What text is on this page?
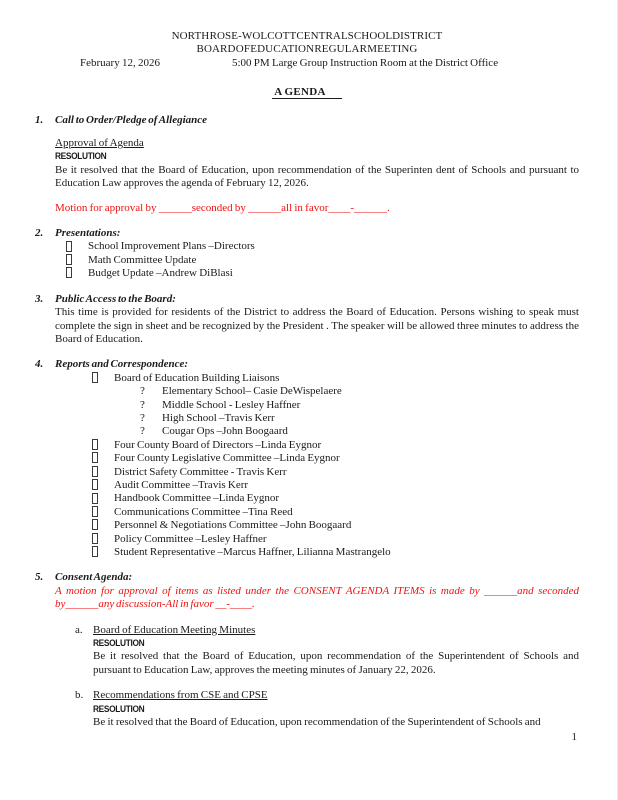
NORTH ROSE-WOLCOTT CENTRAL SCHOOL DISTRICT
BOARD OF EDUCATION REGULAR MEETING
February 12, 2026	5:00 PM Large Group Instruction Room at the District Office
A GENDA
1.	Call to Order/Pledge of Allegiance
Approval of Agenda
RESOLUTION
Be it resolved that the Board of Education, upon recommendation of the Superinten dent of Schools and pursuant to Education Law approves the agenda of February 12, 2026.
Motion for approval by ______seconded by ______all in favor____-______.
2.	Presentations:
School Improvement Plans –Directors
Math Committee Update
Budget Update –Andrew DiBlasi
3.	Public Access to the Board:
This time is provided for residents of the District to address the Board of Education. Persons wishing to speak must complete the sign in sheet and be recognized by the President . The speaker will be allowed three minutes to address the Board of Education.
4.	Reports and Correspondence:
Board of Education Building Liaisons
?	Elementary School– Casie DeWispelaere
?	Middle School - Lesley Haffner
?	High School –Travis Kerr
?	Cougar Ops –John Boogaard
Four County Board of Directors –Linda Eygnor
Four County Legislative Committee –Linda Eygnor
District Safety Committee - Travis Kerr
Audit Committee –Travis Kerr
Handbook Committee –Linda Eygnor
Communications Committee –Tina Reed
Personnel & Negotiations Committee –John Boogaard
Policy Committee –Lesley Haffner
Student Representative –Marcus Haffner, Lilianna Mastrangelo
5.	Consent Agenda:
A motion for approval of items as listed under the CONSENT AGENDA ITEMS is made by ______and seconded by______any discussion-All in favor __-____.
a. Board of Education Meeting Minutes
RESOLUTION
Be it resolved that the Board of Education, upon recommendation of the Superintendent of Schools and pursuant to Education Law, approves the meeting minutes of January 22, 2026.
b. Recommendations from CSE and CPSE
RESOLUTION
Be it resolved that the Board of Education, upon recommendation of the Superintendent of Schools and
1
